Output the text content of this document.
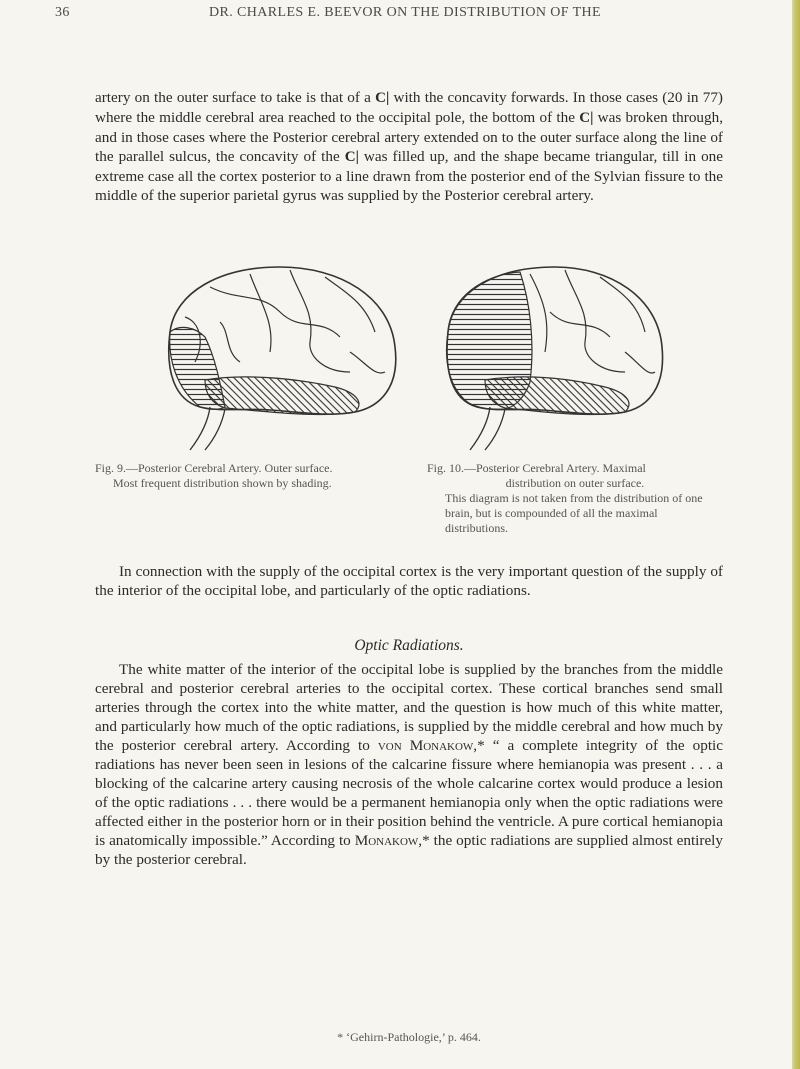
36	DR. CHARLES E. BEEVOR ON THE DISTRIBUTION OF THE

artery on the outer surface to take is that of a C| with the concavity forwards. In those cases (20 in 77) where the middle cerebral area reached to the occipital pole, the bottom of the C| was broken through, and in those cases where the Posterior cerebral artery extended on to the outer surface along the line of the parallel sulcus, the concavity of the C| was filled up, and the shape became triangular, till in one extreme case all the cortex posterior to a line drawn from the posterior end of the Sylvian fissure to the middle of the superior parietal gyrus was supplied by the Posterior cerebral artery.

Fig. 9.—Posterior Cerebral Artery. Outer surface.
Most frequent distribution shown by shading.

Fig. 10.—Posterior Cerebral Artery. Maximal
distribution on outer surface.
This diagram is not taken from the distribution of one brain, but is compounded of all the maximal distributions.

In connection with the supply of the occipital cortex is the very important question of the supply of the interior of the occipital lobe, and particularly of the optic radiations.

Optic Radiations.

The white matter of the interior of the occipital lobe is supplied by the branches from the middle cerebral and posterior cerebral arteries to the occipital cortex. These cortical branches send small arteries through the cortex into the white matter, and the question is how much of this white matter, and particularly how much of the optic radiations, is supplied by the middle cerebral and how much by the posterior cerebral artery. According to von Monakow,* “ a complete integrity of the optic radiations has never been seen in lesions of the calcarine fissure where hemianopia was present . . . a blocking of the calcarine artery causing necrosis of the whole calcarine cortex would produce a lesion of the optic radiations . . . there would be a permanent hemianopia only when the optic radiations were affected either in the posterior horn or in their position behind the ventricle. A pure cortical hemianopia is anatomically impossible.” According to Monakow,* the optic radiations are supplied almost entirely by the posterior cerebral.

* ‘Gehirn-Pathologie,’ p. 464.
